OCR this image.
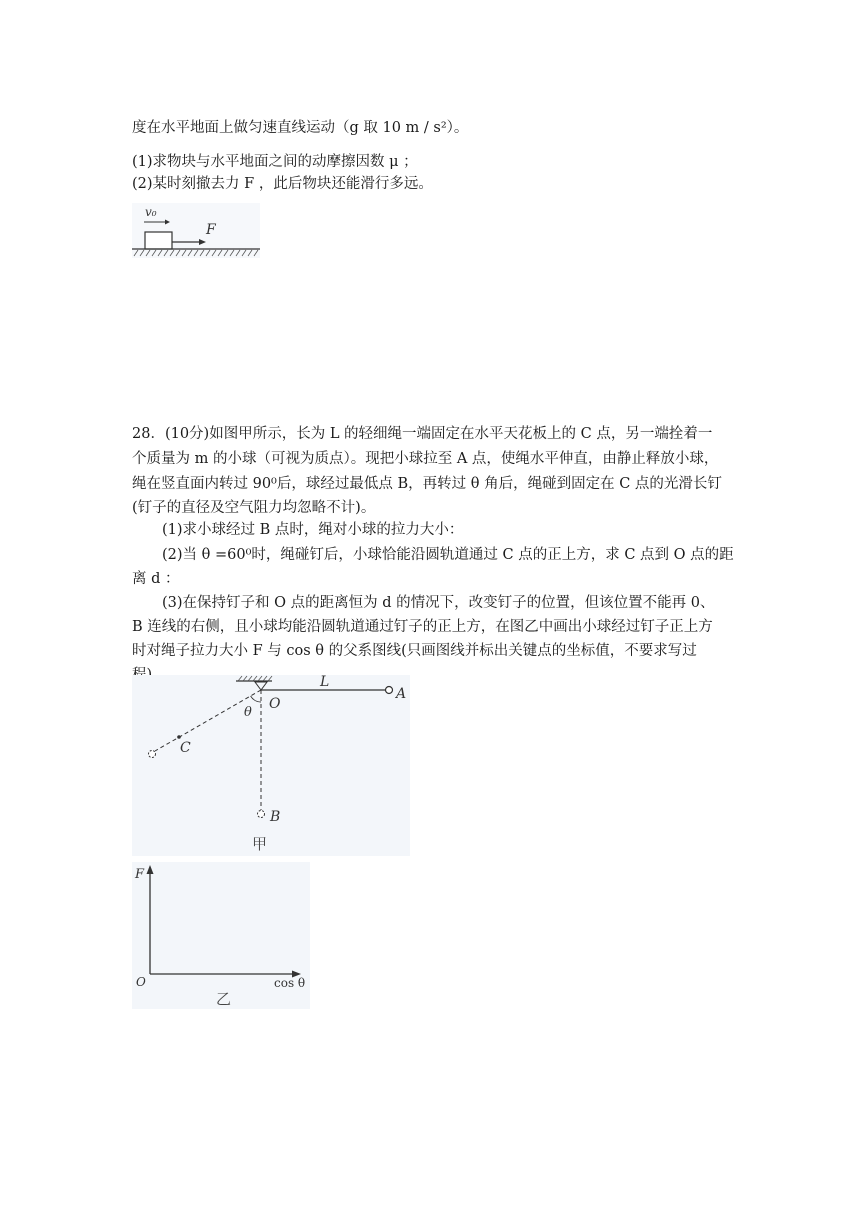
度在水平地面上做匀速直线运动（g 取 10 m / s²）。
(1)求物块与水平地面之间的动摩擦因数 μ ；
(2)某时刻撤去力 F ，此后物块还能滑行多远。
v₀
F
28．(10分)如图甲所示，长为 L 的轻细绳一端固定在水平天花板上的 C 点，另一端拴着一
个质量为 m 的小球（可视为质点）。现把小球拉至 A 点，使绳水平伸直，由静止释放小球，
绳在竖直面内转过 90⁰后，球经过最低点 B，再转过 θ 角后，绳碰到固定在 C 点的光滑长钉
(钉子的直径及空气阻力均忽略不计)。
(1)求小球经过 B 点时，绳对小球的拉力大小：
(2)当 θ =60⁰时，绳碰钉后，小球恰能沿圆轨道通过 C 点的正上方，求 C 点到 O 点的距
离 d ：
(3)在保持钉子和 O 点的距离恒为 d 的情况下，改变钉子的位置，但该位置不能再 0、
B 连线的右侧，且小球均能沿圆轨道通过钉子的正上方，在图乙中画出小球经过钉子正上方
时对绳子拉力大小 F 与 cos θ 的父系图线(只画图线并标出关键点的坐标值，不要求写过
L
A
O
B
C
θ
甲
F
O	cos θ
乙
